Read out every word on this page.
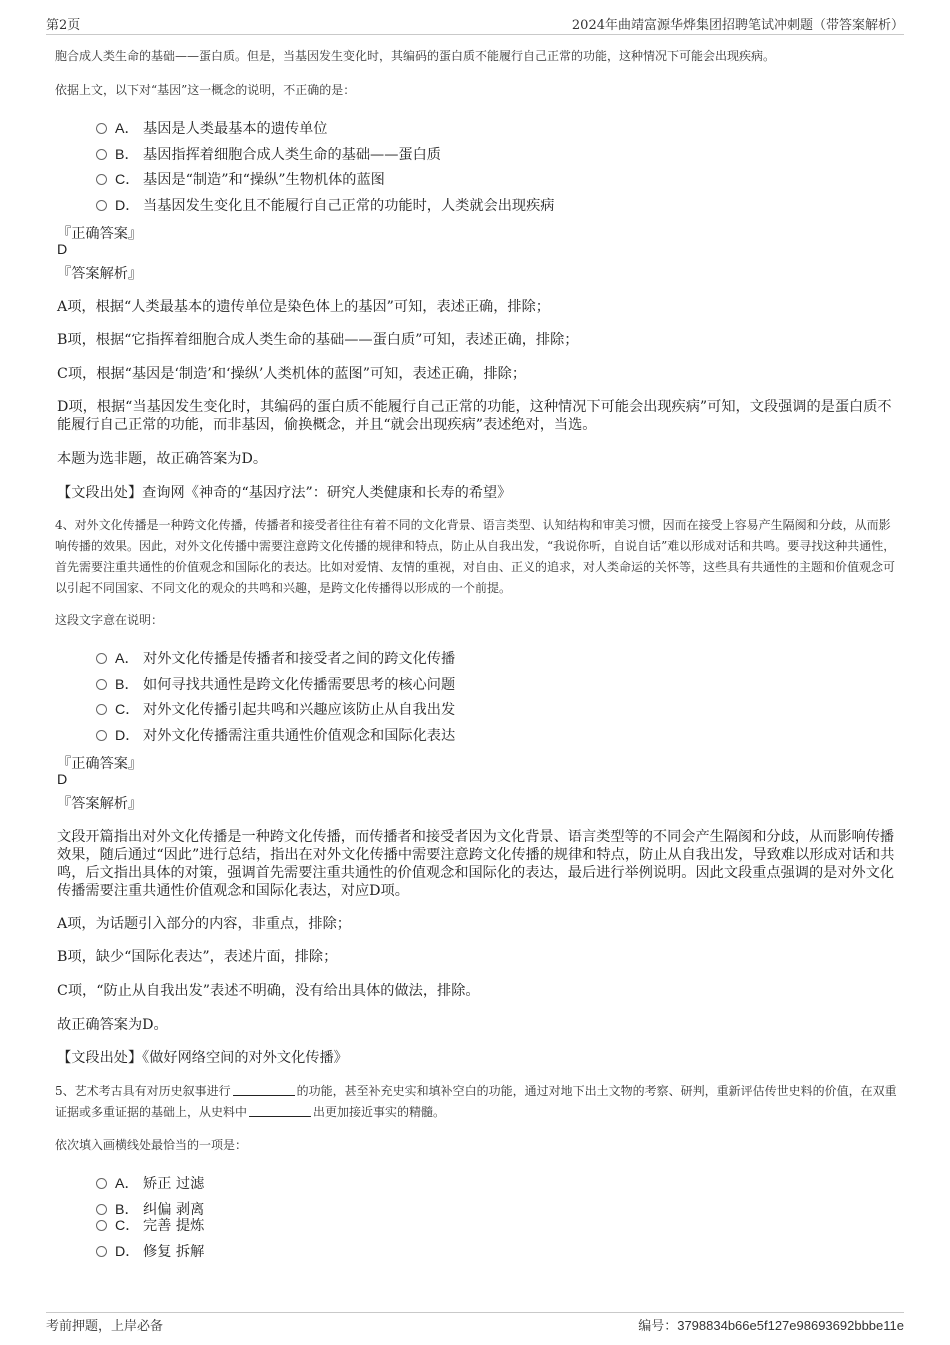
第2页	2024年曲靖富源华烨集团招聘笔试冲刺题（带答案解析）
胞合成人类生命的基础——蛋白质。但是，当基因发生变化时，其编码的蛋白质不能履行自己正常的功能，这种情况下可能会出现疾病。
依据上文，以下对“基因”这一概念的说明，不正确的是：
A． 基因是人类最基本的遗传单位
B． 基因指挥着细胞合成人类生命的基础——蛋白质
C． 基因是“制造”和“操纵”生物机体的蓝图
D． 当基因发生变化且不能履行自己正常的功能时，人类就会出现疾病
『正确答案』
D
『答案解析』
A项，根据“人类最基本的遗传单位是染色体上的基因”可知，表述正确，排除；
B项，根据“它指挥着细胞合成人类生命的基础——蛋白质”可知，表述正确，排除；
C项，根据“基因是‘制造’和‘操纵’人类机体的蓝图”可知，表述正确，排除；
D项，根据“当基因发生变化时，其编码的蛋白质不能履行自己正常的功能，这种情况下可能会出现疾病”可知，文段强调的是蛋白质不能履行自己正常的功能，而非基因，偷换概念，并且“就会出现疾病”表述绝对，当选。
本题为选非题，故正确答案为D。
【文段出处】查询网《神奇的“基因疗法”：研究人类健康和长寿的希望》
4、对外文化传播是一种跨文化传播，传播者和接受者往往有着不同的文化背景、语言类型、认知结构和审美习惯，因而在接受上容易产生隔阂和分歧，从而影响传播的效果。因此，对外文化传播中需要注意跨文化传播的规律和特点，防止从自我出发，“我说你听，自说自话”难以形成对话和共鸣。要寻找这种共通性，首先需要注重共通性的价值观念和国际化的表达。比如对爱情、友情的重视，对自由、正义的追求，对人类命运的关怀等，这些具有共通性的主题和价值观念可以引起不同国家、不同文化的观众的共鸣和兴趣，是跨文化传播得以形成的一个前提。
这段文字意在说明：
A． 对外文化传播是传播者和接受者之间的跨文化传播
B． 如何寻找共通性是跨文化传播需要思考的核心问题
C． 对外文化传播引起共鸣和兴趣应该防止从自我出发
D． 对外文化传播需注重共通性价值观念和国际化表达
『正确答案』
D
『答案解析』
文段开篇指出对外文化传播是一种跨文化传播，而传播者和接受者因为文化背景、语言类型等的不同会产生隔阂和分歧，从而影响传播效果，随后通过“因此”进行总结，指出在对外文化传播中需要注意跨文化传播的规律和特点，防止从自我出发，导致难以形成对话和共鸣，后文指出具体的对策，强调首先需要注重共通性的价值观念和国际化的表达，最后进行举例说明。因此文段重点强调的是对外文化传播需要注重共通性价值观念和国际化表达，对应D项。
A项，为话题引入部分的内容，非重点，排除；
B项，缺少“国际化表达”，表述片面，排除；
C项，“防止从自我出发”表述不明确，没有给出具体的做法，排除。
故正确答案为D。
【文段出处】《做好网络空间的对外文化传播》
5、艺术考古具有对历史叙事进行	的功能，甚至补充史实和填补空白的功能，通过对地下出土文物的考察、研判，重新评估传世史料的价值，在双重证据或多重证据的基础上，从史料中	出更加接近事实的精髓。
依次填入画横线处最恰当的一项是：
A． 矫正 过滤
B． 纠偏 剥离
C． 完善 提炼
D． 修复 拆解
考前押题，上岸必备	编号：3798834b66e5f127e98693692bbbe11e
